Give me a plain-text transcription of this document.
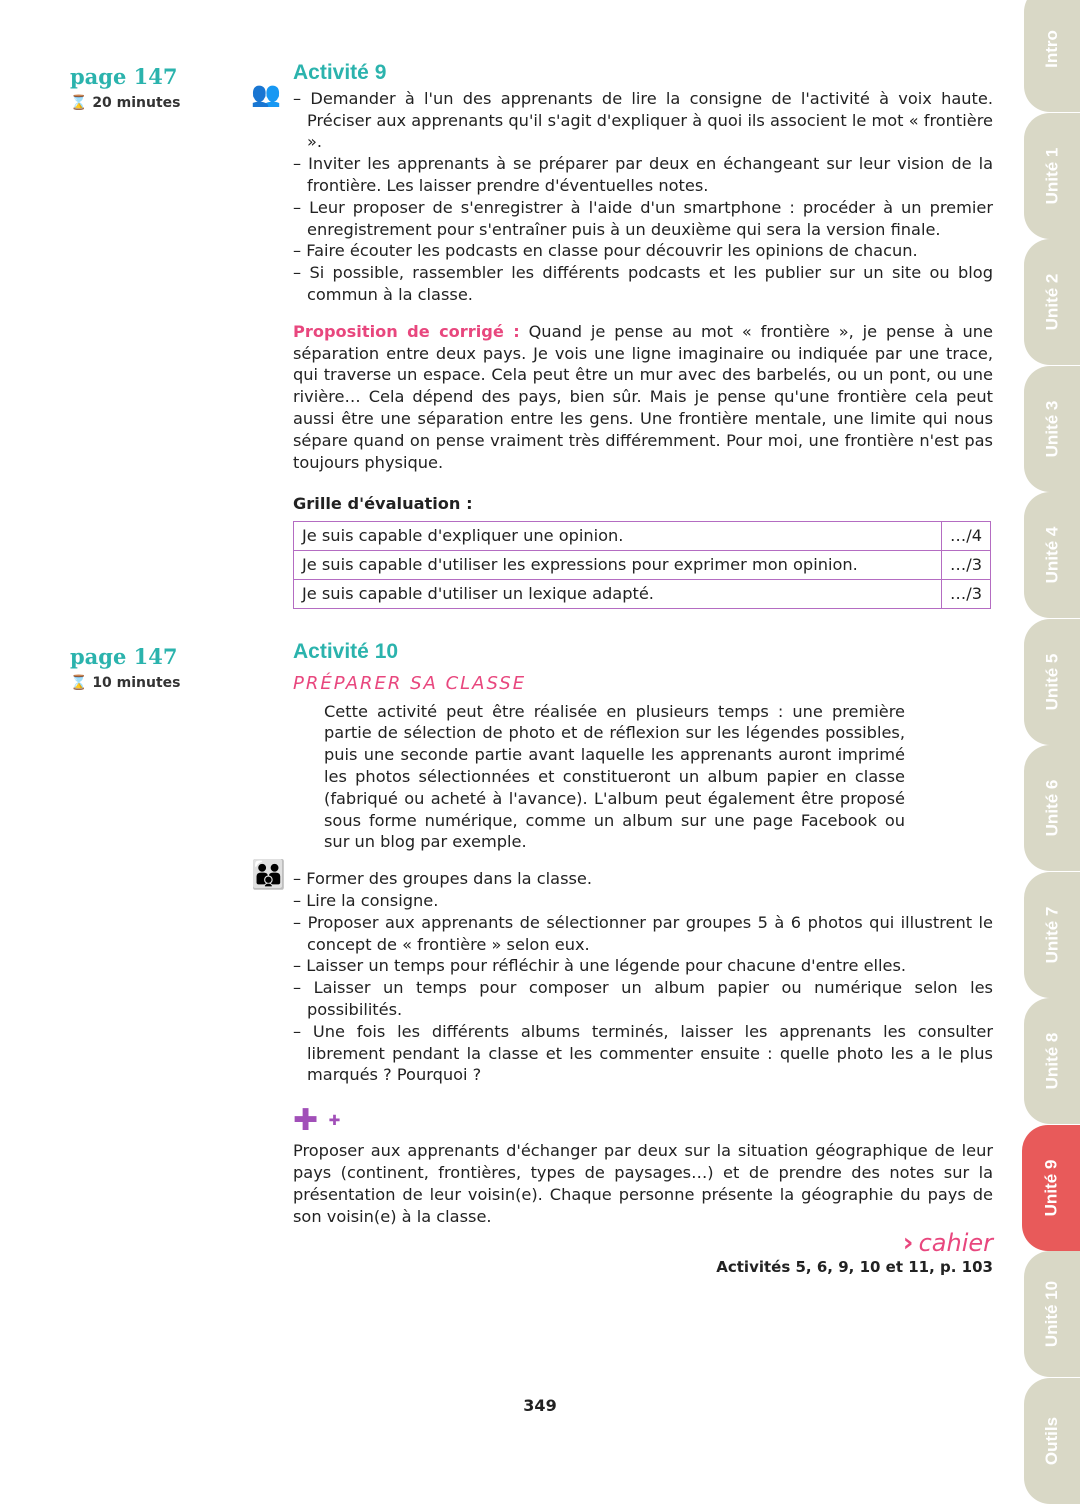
page 147
⌛ 20 minutes
Activité 9
👥	– Demander à l'un des apprenants de lire la consigne de l'activité à voix haute. Préciser aux apprenants qu'il s'agit d'expliquer à quoi ils associent le mot « frontière ».
– Inviter les apprenants à se préparer par deux en échangeant sur leur vision de la frontière. Les laisser prendre d'éventuelles notes.
– Leur proposer de s'enregistrer à l'aide d'un smartphone : procéder à un premier enregistrement pour s'entraîner puis à un deuxième qui sera la version finale.
– Faire écouter les podcasts en classe pour découvrir les opinions de chacun.
– Si possible, rassembler les différents podcasts et les publier sur un site ou blog commun à la classe.

Proposition de corrigé : Quand je pense au mot « frontière », je pense à une séparation entre deux pays. Je vois une ligne imaginaire ou indiquée par une trace, qui traverse un espace. Cela peut être un mur avec des barbelés, ou un pont, ou une rivière… Cela dépend des pays, bien sûr. Mais je pense qu'une frontière cela peut aussi être une séparation entre les gens. Une frontière mentale, une limite qui nous sépare quand on pense vraiment très différemment. Pour moi, une frontière n'est pas toujours physique.

Grille d'évaluation :
Je suis capable d'expliquer une opinion.	…/4
Je suis capable d'utiliser les expressions pour exprimer mon opinion.	…/3
Je suis capable d'utiliser un lexique adapté.	…/3
page 147
⌛ 10 minutes
Activité 10
PRÉPARER SA CLASSE

Cette activité peut être réalisée en plusieurs temps : une première partie de sélection de photo et de réflexion sur les légendes possibles, puis une seconde partie avant laquelle les apprenants auront imprimé les photos sélectionnées et constitueront un album papier en classe (fabriqué ou acheté à l'avance). L'album peut également être proposé sous forme numérique, comme un album sur une page Facebook ou sur un blog par exemple.

👪	– Former des groupes dans la classe.
– Lire la consigne.
– Proposer aux apprenants de sélectionner par groupes 5 à 6 photos qui illustrent le concept de « frontière » selon eux.
– Laisser un temps pour réfléchir à une légende pour chacune d'entre elles.
– Laisser un temps pour composer un album papier ou numérique selon les possibilités.
– Une fois les différents albums terminés, laisser les apprenants les consulter librement pendant la classe et les commenter ensuite : quelle photo les a le plus marqués ? Pourquoi ?
✚ ✚

Proposer aux apprenants d'échanger par deux sur la situation géographique de leur pays (continent, frontières, types de paysages…) et de prendre des notes sur la présentation de leur voisin(e). Chaque personne présente la géographie du pays de son voisin(e) à la classe.

› cahier
Activités 5, 6, 9, 10 et 11, p. 103
349
Intro
Unité 1
Unité 2
Unité 3
Unité 4
Unité 5
Unité 6
Unité 7
Unité 8
Unité 9
Unité 10
Outils
